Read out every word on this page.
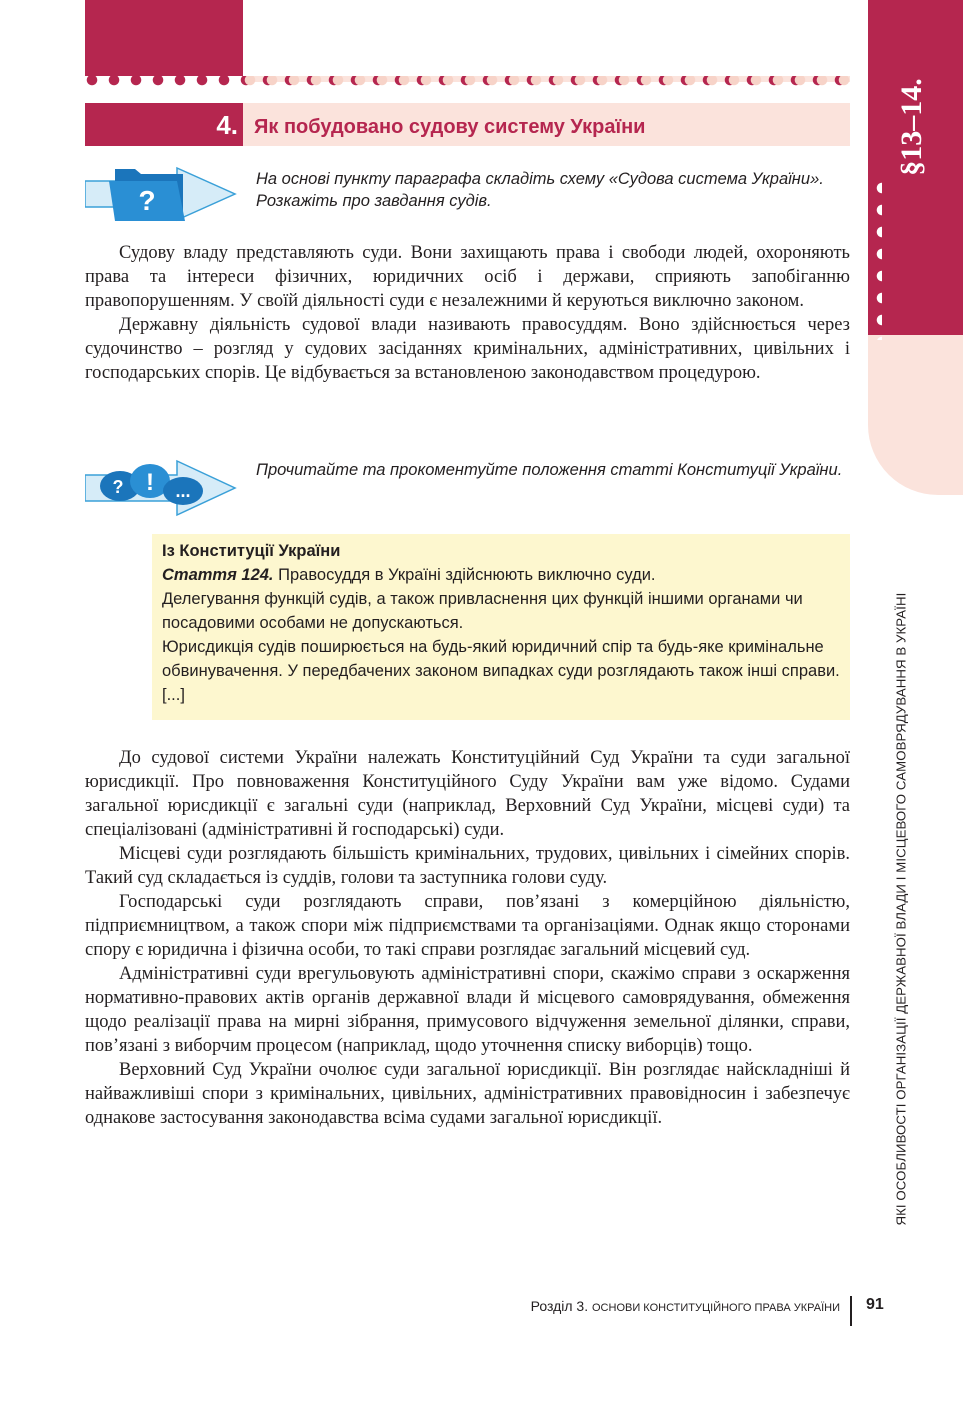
4. Як побудовано судову систему України
?
На основі пункту параграфа складіть схему «Судова система України». Розкажіть про завдання судів.

Судову владу представляють суди. Вони захищають права і свободи людей, охороняють права та інтереси фізичних, юридичних осіб і держави, сприяють запобіганню правопорушенням. У своїй діяльності суди є незалежними й керуються виключно законом.

Державну діяльність судової влади називають правосуддям. Воно здійснюється через судочинство – розгляд у судових засіданнях кримінальних, адміністративних, цивільних і господарських спорів. Це відбувається за встановленою законодавством процедурою.

? ! ...
Прочитайте та прокоментуйте положення статті Конституції України.

Із Конституції України

Стаття 124. Правосуддя в Україні здійснюють виключно суди.

Делегування функцій судів, а також привласнення цих функцій іншими органами чи посадовими особами не допускаються.

Юрисдикція судів поширюється на будь-який юридичний спір та будь-яке кримінальне обвинувачення. У передбачених законом випадках суди розглядають також інші справи. [...]

До судової системи України належать Конституційний Суд України та суди загальної юрисдикції. Про повноваження Конституційного Суду України вам уже відомо. Судами загальної юрисдикції є загальні суди (наприклад, Верховний Суд України, місцеві суди) та спеціалізовані (адміністративні й господарські) суди.

Місцеві суди розглядають більшість кримінальних, трудових, цивільних і сімейних спорів. Такий суд складається із суддів, голови та заступника голови суду.

Господарські суди розглядають справи, пов’язані з комерційною діяльністю, підприємництвом, а також спори між підприємствами та організаціями. Однак якщо сторонами спору є юридична і фізична особи, то такі справи розглядає загальний місцевий суд.

Адміністративні суди врегульовують адміністративні спори, скажімо справи з оскарження нормативно-правових актів органів державної влади й місцевого самоврядування, обмеження щодо реалізації права на мирні зібрання, примусового відчуження земельної ділянки, справи, пов’язані з виборчим процесом (наприклад, щодо уточнення списку виборців) тощо.

Верховний Суд України очолює суди загальної юрисдикції. Він розглядає найскладніші й найважливіші спори з кримінальних, цивільних, адміністративних правовідносин і забезпечує однакове застосування законодавства всіма судами загальної юрисдикції.

§13–14.
ЯКІ ОСОБЛИВОСТІ ОРГАНІЗАЦІЇ ДЕРЖАВНОЇ ВЛАДИ І МІСЦЕВОГО САМОВРЯДУВАННЯ В УКРАЇНІ
Розділ 3. ОСНОВИ КОНСТИТУЦІЙНОГО ПРАВА УКРАЇНИ 91
